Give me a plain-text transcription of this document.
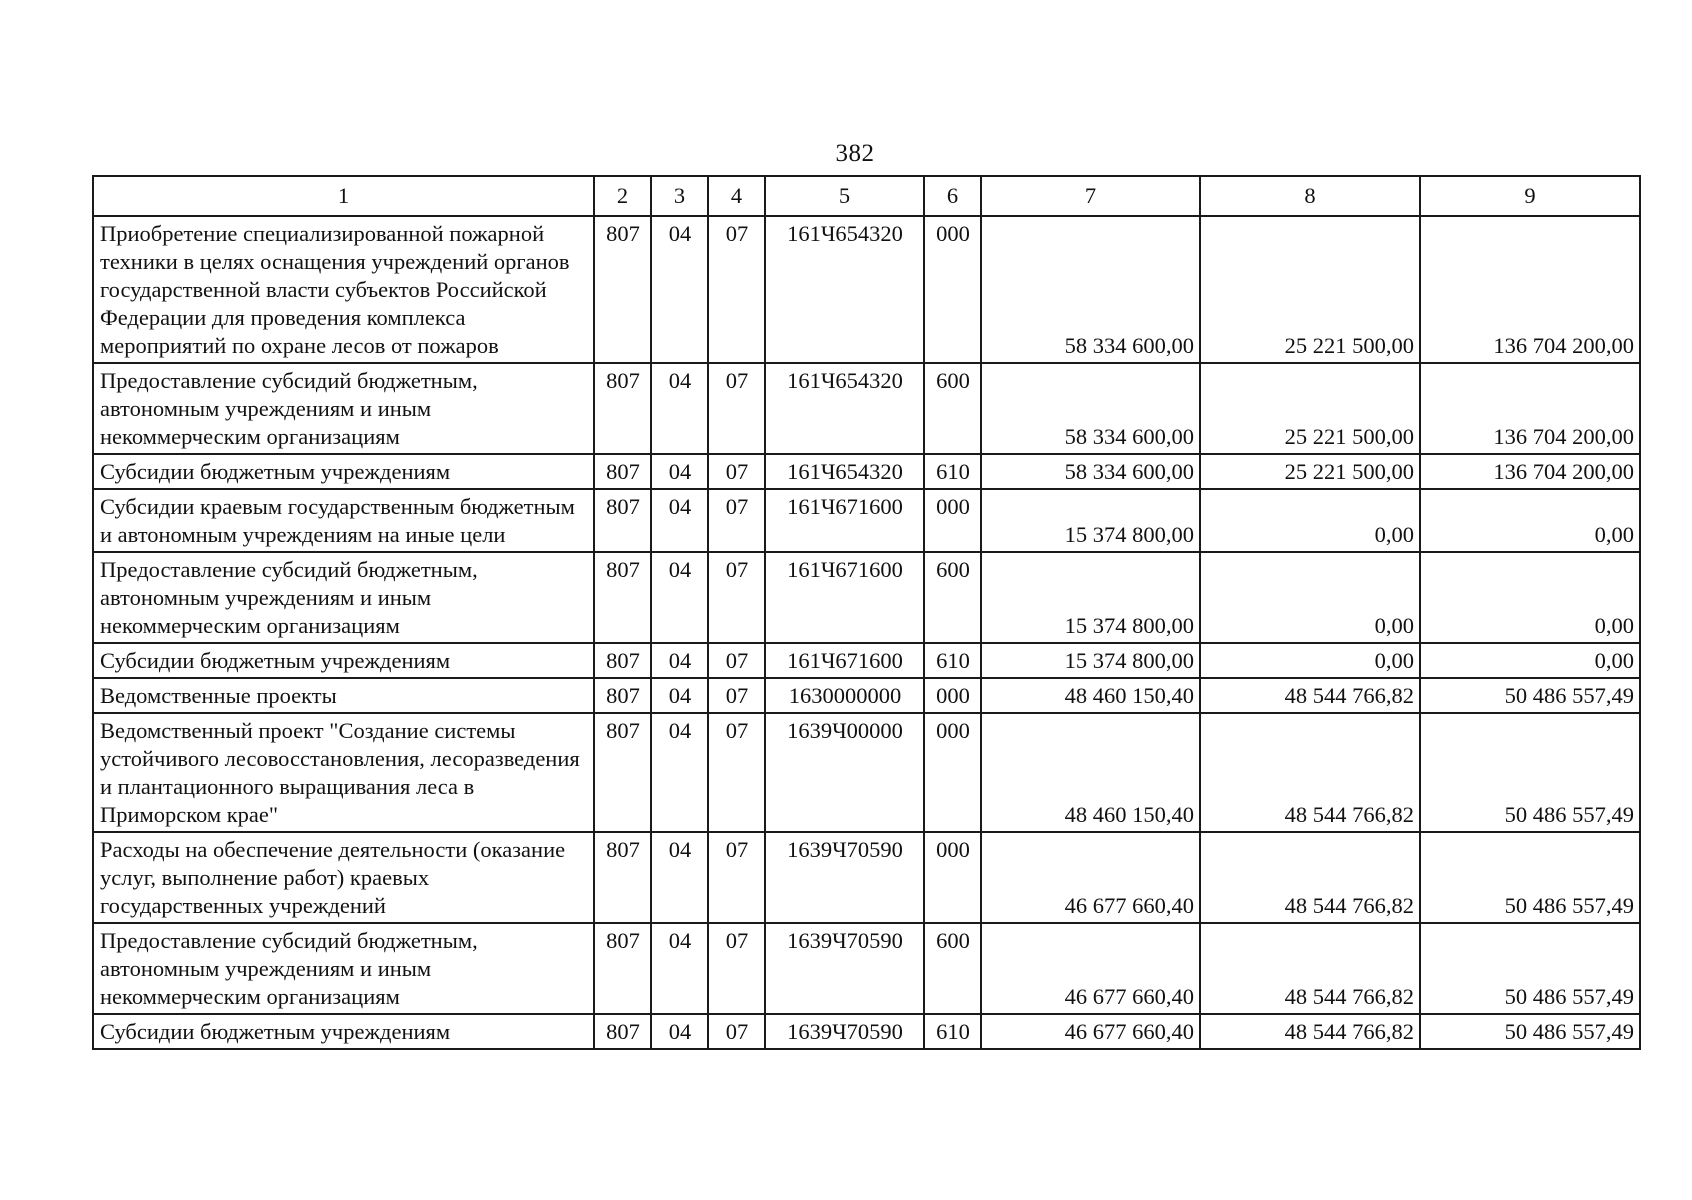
382
1	2	3	4	5	6	7	8	9
Приобретение специализированной пожарной техники в целях оснащения учреждений органов государственной власти субъектов Российской Федерации для проведения комплекса мероприятий по охране лесов от пожаров	807	04	07	161Ч654320	000	58 334 600,00	25 221 500,00	136 704 200,00
Предоставление субсидий бюджетным, автономным учреждениям и иным некоммерческим организациям	807	04	07	161Ч654320	600	58 334 600,00	25 221 500,00	136 704 200,00
Субсидии бюджетным учреждениям	807	04	07	161Ч654320	610	58 334 600,00	25 221 500,00	136 704 200,00
Субсидии краевым государственным бюджетным и автономным учреждениям на иные цели	807	04	07	161Ч671600	000	15 374 800,00	0,00	0,00
Предоставление субсидий бюджетным, автономным учреждениям и иным некоммерческим организациям	807	04	07	161Ч671600	600	15 374 800,00	0,00	0,00
Субсидии бюджетным учреждениям	807	04	07	161Ч671600	610	15 374 800,00	0,00	0,00
Ведомственные проекты	807	04	07	1630000000	000	48 460 150,40	48 544 766,82	50 486 557,49
Ведомственный проект "Создание системы устойчивого лесовосстановления, лесоразведения и плантационного выращивания леса в Приморском крае"	807	04	07	1639Ч00000	000	48 460 150,40	48 544 766,82	50 486 557,49
Расходы на обеспечение деятельности (оказание услуг, выполнение работ) краевых государственных учреждений	807	04	07	1639Ч70590	000	46 677 660,40	48 544 766,82	50 486 557,49
Предоставление субсидий бюджетным, автономным учреждениям и иным некоммерческим организациям	807	04	07	1639Ч70590	600	46 677 660,40	48 544 766,82	50 486 557,49
Субсидии бюджетным учреждениям	807	04	07	1639Ч70590	610	46 677 660,40	48 544 766,82	50 486 557,49
